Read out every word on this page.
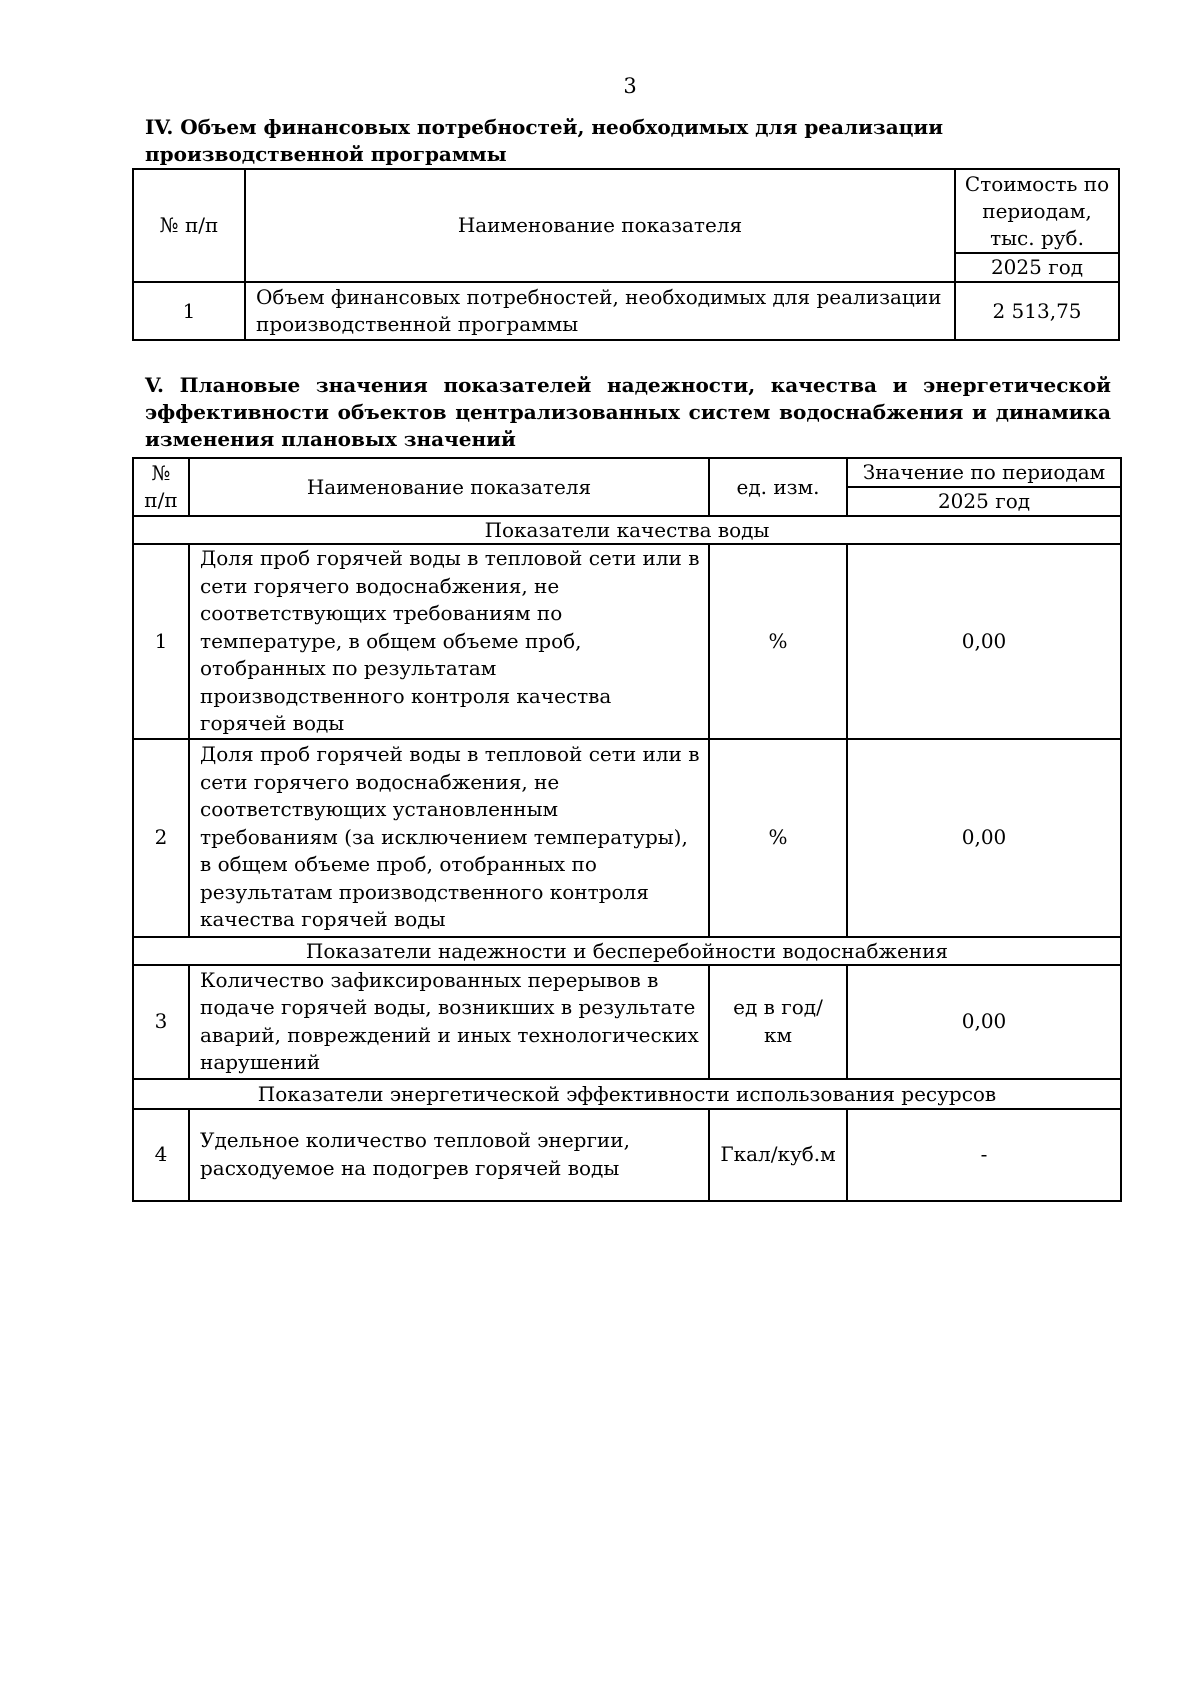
3

IV. Объем финансовых потребностей, необходимых для реализации производственной программы

№ п/п	Наименование показателя	Стоимость по периодам, тыс. руб.
		2025 год
1	Объем финансовых потребностей, необходимых для реализации производственной программы	2 513,75

V. Плановые значения показателей надежности, качества и энергетической
эффективности объектов централизованных систем водоснабжения и динамика
изменения плановых значений

№ п/п	Наименование показателя	ед. изм.	Значение по периодам
			2025 год
Показатели качества воды			
1	Доля проб горячей воды в тепловой сети или в сети горячего водоснабжения, не соответствующих требованиям по температуре, в общем объеме проб, отобранных по результатам производственного контроля качества горячей воды	%	0,00
2	Доля проб горячей воды в тепловой сети или в сети горячего водоснабжения, не соответствующих установленным требованиям (за исключением температуры), в общем объеме проб, отобранных по результатам производственного контроля качества горячей воды	%	0,00
Показатели надежности и бесперебойности водоснабжения			
3	Количество зафиксированных перерывов в подаче горячей воды, возникших в результате аварий, повреждений и иных технологических нарушений	ед в год/ км	0,00
Показатели энергетической эффективности использования ресурсов			
4	Удельное количество тепловой энергии, расходуемое на подогрев горячей воды	Гкал/куб.м	-
